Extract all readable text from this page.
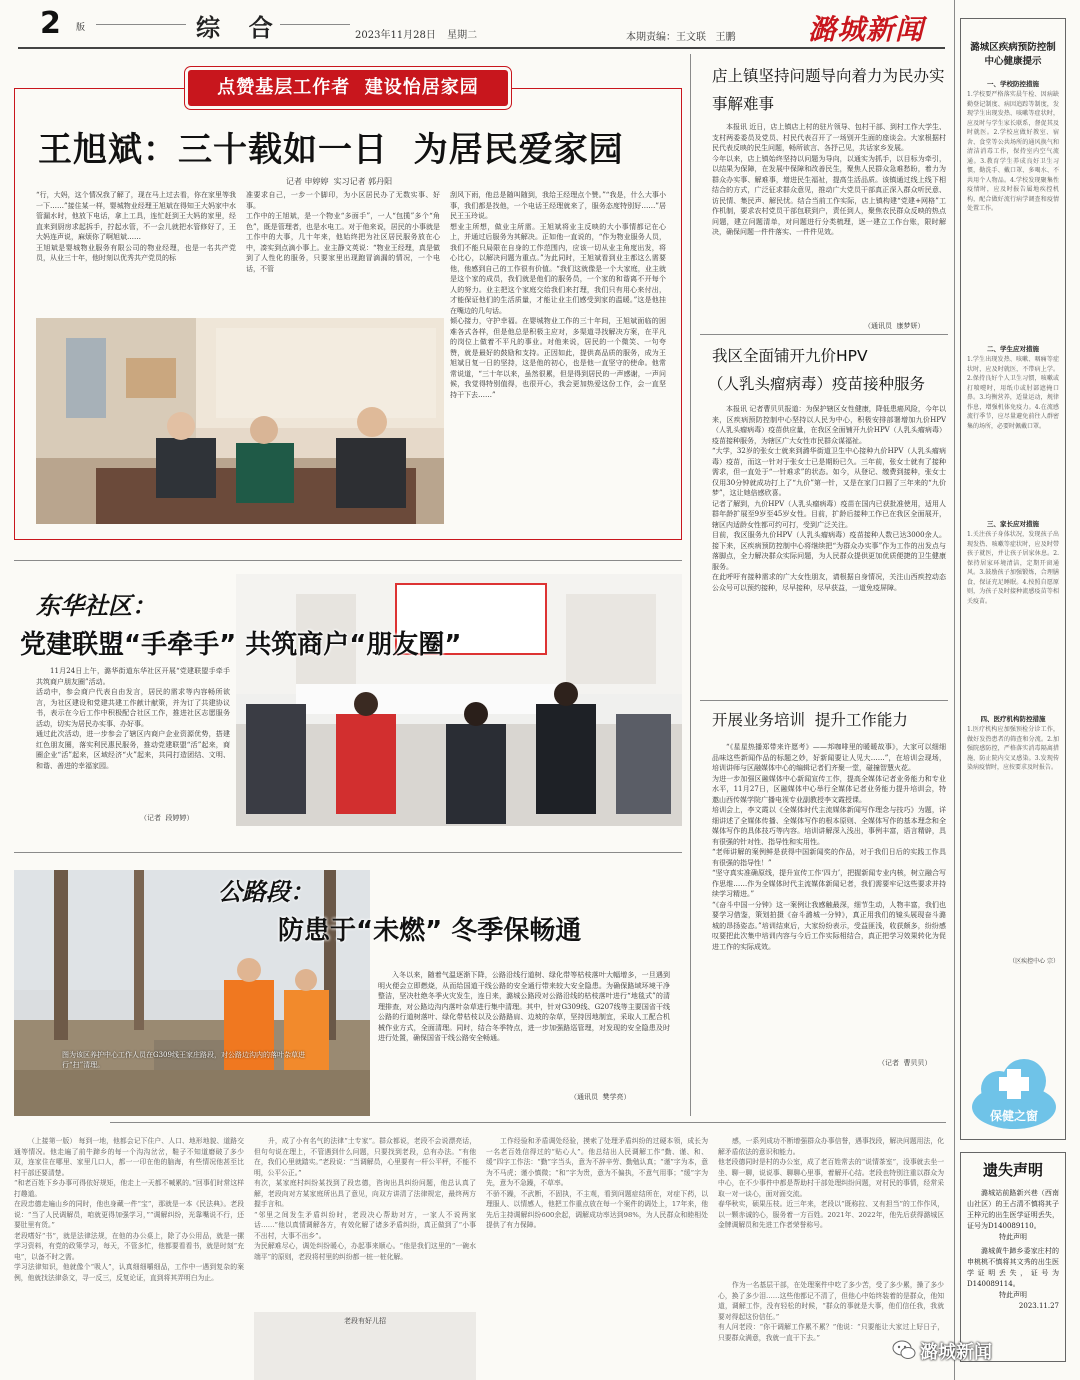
2 版	综  合	2023年11月28日 星期二	本期责编：王文联   王鹏	潞城新闻
点赞基层工作者  建设怡居家园
王旭斌：三十载如一日  为居民爱家园
记者 申婷婷  实习记者 郭丹阳
“行，大妈，这个情况我了解了，现在马上过去看，你在家里等我一下……”接住某一样，婴城物业经理王旭斌在得知王大妈家中水管漏水时，他放下电话，拿上工具，连忙赶到王大妈的家里，经直来到厨房求起拆手，拧起水管，不一会儿就把水管修好了，王大妈连声说，麻烦你了啊旭斌……
王旭斌是婴城物业服务有限公司的物业经理，也是一名共产党员，从业三十年，他时刻以优秀共产党员的标
准要求自己，一步一个脚印，为小区居民办了无数实事、好事。
工作中的王旭斌，是一个物业“多面手”，一人“包揽”多个“角色”，既是管理者，也是水电工。对于他来说，居民的小事就是工作中的大事，几十年来，他始终把为社区居民服务放在心中，凑实到点滴小事上。业主静文英说：“物业王经理，真是做到了人性化的服务，只要家里出现跑冒滴漏的情况，一个电话，不管
刮风下雨，他总是随叫随到，我给王经理点个赞。”“我是，什么大事小事，我们都是找他，一个电话王经理就来了，服务态度特别好……”居民王玉玲说。
想业主所想，做业主所需。王旭斌将业主反映的大小事情都记在心上，并通过后服务为其解决。正如他一直说的，“作为物业服务人员，我们不能只局限在自身的工作范围内，应该一切从业主角度出发，将心比心，以解决问题为重点。”为此同时，王旭斌看到业主都这么需要他，他感到自己的工作很有价值。“我们这就像是一个大家庭，业主就是这个家的成员，我们就是他们的服务员，一个家的和谐离不开每个人的努力。业主把这个家庭交给我们来打理，我们只有用心来付出，才能保证他们的生活质量，才能让业主们感受到家的温暖。”这是他挂在嘴边的几句话。
倾心接力，守护幸福。在婴城物业工作的三十年间，王旭斌面临的困难各式各样，但是他总是积极主应对，多渠道寻找解决方案，在平凡的岗位上做着不平凡的事业。对他来说，居民的一个微笑、一句夸赞，就是最好的鼓励和支持。正因如此，提供高品质的服务，成为王旭斌日复一日的坚持，这是他的初心，也是他一直坚守的使命。他常常说道，“三十年以来，虽然很累，但是得到居民的一声感谢，一声问候，我觉得特别值得，也很开心，我会更加热爱这份工作，会一直坚持干下去……”
东华社区：
党建联盟“手牵手” 共筑商户“朋友圈”
11月24日上午，潞华街道东华社区开展“党建联盟手牵手 共筑商户朋友圈”活动。
活动中，参会商户代表自由发言，居民的需求等内容畅所欲言，为社区建设和党建共建工作献计献策，并为订了共建协议书，表示在今后工作中积极配合社区工作，推进社区志愿服务活动，切实为居民办实事、办好事。
通过此次活动，进一步参会了辖区内商户企业资源优势，搭建红色朋友圈，落实利民惠民服务，推动党建联盟“活”起来，商圈企业“活”起来，区域经济“火”起来，共同打造团结、文明、和谐、善进的幸福家园。
（记者  段婷婷）
图为该区养护中心工作人员在G309线王家庄路段，对公路边沟内的落叶杂草进行“扫”清理。
公路段：
防患于“未燃” 冬季保畅通
入冬以来，随着气温逐渐下降，公路沿线行道树、绿化带等枯枝落叶大幅增多，一旦遇到明火便会立即燃烧，从而给国道干线公路的安全通行带来较大安全隐患。为确保路域环境干净整洁，坚决杜绝冬季火灾发生，连日来，潞城公路段对公路沿线的枯枝落叶进行“地毯式”的清理排查，对公路边沟内落叶杂草进行集中清理。其中，针对G309线、G207线等主要国省干线公路的行道树落叶、绿化带枯枝以及公路路肩、边坡的杂草，坚持因地制宜，采取人工配合机械作业方式，全面清理。同时，结合冬季特点，进一步加强路巡管理，对发现的安全隐患及时进行处置，确保国省干线公路安全畅通。
（通讯员  樊学亮）
店上镇坚持问题导向着力为民办实事解难事
本报讯 近日，店上镇店上村的驻片领导、包村干部、到村工作大学生、支村两委委员及党员、村民代表召开了一场别开生面的座谈会。大家根据村民代表反映的民生问题，畅所欲言、各抒己见，共话家乡发展。
今年以来，店上镇始终坚持以问题为导向，以通实为抓手，以目标为牵引，以结果为保障，在发展中保障和改善民生，聚焦人民群众急难愁盼，着力为群众办实事、解难事，增进民生福祉，提高生活品质。该镇通过线上线下相结合的方式，广泛征求群众意见，推动广大党员干部真正深入群众听民意、访民情、集民声、解民忧。结合当前工作实际，店上镇构建“党建+网格”工作机制，要求农村党员干部包联到户，责任到人，聚焦农民群众反映的热点问题，建立问题清单，对问题进行分类梳理，逐一建立工作台账，限时解决，确保问题一件件落实、一件件见效。
（通讯员  康梦妍）
我区全面铺开九价HPV
（人乳头瘤病毒）疫苗接种服务
本报讯 记者曹贝贝报道：为保护辖区女性健康，降低患癌风险，今年以来，区疾病预防控制中心坚持以人民为中心，积极安排部署增加九价HPV（人乳头瘤病毒）疫苗供应量，在我区全面铺开九价HPV（人乳头瘤病毒）疫苗接种服务，为辖区广大女性市民群众谋福祉。
“大学，32岁的张女士就来到潞华街道卫生中心接种九价HPV（人乳头瘤病毒）疫苗，而这一针对于张女士已是期盼已久。三年前，张女士就有了接种需求，但一直处于“一针难求”的状态。如今，从登记、缴费到接种，张女士仅用30分钟就成功打上了“九价”第一针，又是在家门口圆了三年来的“九价梦”，这让她倍感欣喜。
记者了解到，九价HPV（人乳头瘤病毒）疫苗在国内已获批准使用，适用人群年龄扩展至9岁至45岁女性。目前，扩龄后接种工作已在我区全面展开，辖区内适龄女性都可约可打，受到广泛关注。
目前，我区服务九价HPV（人乳头瘤病毒）疫苗接种人数已达3000余人。接下来，区疾病预防控制中心将继续把“为群众办实事”作为工作的出发点与落脚点，全力解决群众实际问题，为人民群众提供更加优质便捷的卫生健康服务。
在此呼吁有接种需求的广大女性朋友，请根据自身情况，关注山西疾控动态公众号可以预约接种，尽早接种，尽早获益，一道免疫屏障。
开展业务培训  提升工作能力
“《星星热播郑带来许愿考》——邦咖啡里的暖暖故事》，大家可以细细品味这些新闻作品的标题之妙，好新闻要让人见大……”，在培训会现场，培训讲师与区融媒体中心的编辑记者们齐聚一堂，碰撞智慧火花。
为进一步加强区融媒体中心新闻宣传工作，提高全媒体记者业务能力和专业水平，11月27日，区融媒体中心举行全媒体记者业务能力提升培训会，特邀山西传媒学院广播电视专业副教授李文霞授课。
培训会上，李文霞以《全媒体时代主流媒体新闻写作理念与技巧》为题，详细讲述了全媒体传播、全媒体写作的根本原则、全媒体写作的基本理念和全媒体写作的具体技巧等内容。培训讲解深入浅出，事例丰富，语言精辟，具有很强的针对性、指导性和实用性。
“老师讲解的案例鲜是获得中国新闻奖的作品，对于我们日后的实践工作具有很强的指导性！”
“坚守真实准确原线，提升宣传工作‘四力’，把握新闻专业内核，树立融合写作思维……作为全媒体时代主流媒体新闻记者，我们需要牢记这些要求并持续学习精进。”
“《奋斗中国一分钟》这一案例让我感触最深，细节生动，人物丰富，我们也要学习借鉴，策划拍摄《奋斗潞城一分钟》，真正用我们的镜头展现奋斗潞城的昂扬姿态。”培训结束后，大家纷纷表示，受益匪浅，收获颇多，纷纷感叹要把此次集中培训内容与今后工作实际相结合，真正把学习效果转化为促进工作的实际成效。
（记者  曹贝贝）
潞城区疾病预防控制中心健康提示
一、学校防控措施
1.学校要严格落实晨午检、因病缺勤登记制度、病因追踪等制度，发现学生出现发热、咳嗽等症状时，应及时与学生家长联系，督促其及时就医。2.学校应做好教室、宿舍、食堂等公共场所的通风换气和清洁消毒工作，保持室内空气流通。3.教育学生养成良好卫生习惯，勤洗手、戴口罩、多喝水、不共用个人物品。4.学校发现聚集性疫情时，应及时报告属地疾控机构，配合做好流行病学调查和疫情处置工作。
二、学生应对措施
1.学生出现发热、咳嗽、咽痛等症状时，应及时就医，不带病上学。2.保持良好个人卫生习惯，咳嗽或打喷嚏时，用纸巾或肘部遮掩口鼻。3.均衡营养，适量运动，规律作息，增强机体免疫力。4.在流感流行季节，应尽量避免前往人群密集的场所，必要时佩戴口罩。
三、家长应对措施
1.关注孩子身体状况，发现孩子出现发热、咳嗽等症状时，应及时带孩子就医，并让孩子居家休息。2.保持居家环境清洁，定期开窗通风。3.鼓励孩子加强锻炼，合理膳食，保证充足睡眠。4.按照自愿原则，为孩子及时接种流感疫苗等相关疫苗。
四、医疗机构防控措施
1.医疗机构应加强预检分诊工作，做好发热患者的筛查和分流。2.加强院感防控，严格落实消毒隔离措施，防止院内交叉感染。3.发现传染病疫情时，应按要求及时报告。
（区疾控中心 宗）
保健之窗
遗失声明
潞城站前路新兴巷（西南山社区）的王占清不慎将其子王梓元的出生医学证明丢失，证号为D140089110。
特此声明
潞城黄牛蹄乡委家庄村的申桃桃不慎将其文秀的出生医学证明丢失，证号为D140089114。
特此声明
2023.11.27
（上接第一版） 每到一地，他都会记下住户、人口、地形地貌、道路交通等情况。他走遍了前牛蹄乡的每一个沟沟岔岔，鞋子不知道磨破了多少双，连家住在哪里、家里几口人，都一一印在他的脑海，有些情况他甚至比村干部还要清楚。
“和老百姓下乡办事可得依好规矩，他走上一天都不喊累的。”回事们时常这样打趣道。
在段忠德走遍山乡的同时，他也身藏一件“宝”，那就是一本《民法典》。老段说：“当了人民调解员，咱就更得加强学习，”“调解纠纷，光靠嘴说不行，还要肚里有货。”
老段嗜好“书”，就是法律法规，在他的办公桌上，除了办公用品，就是一摞学习资料，有党的政策学习，每天，不管多忙，他都要看看书，就是时刻“充电”，以备不时之需。
学习法律知识，他就像个“吸人”，认真细细嚼细品，工作中一遇到复杂的案例，他就找法律条文，寻一反三，反复论证，直到将其弄明白为止。
升，成了小有名气的法律“土专家”。群众都说，老段不会说漂亮话，但句句说在理上，不管遇到什么问题，只要找到老段，总有办法。“有他在，我们心里就踏实。”老段说：“当调解员，心里要有一杆公平秤，不能不明，公平公正。”
有次，某家庭村纠纷某找到了段忠德，咨询出具纠纷问题，他总认真了解，老段向对方某家庭所出具了意见，向双方讲清了法律规定，最终两方握手言和。
“邻里之间发生矛盾纠纷时，老段决心帮助对方，一家人不说两家话……”他以真情调解各方，有效化解了诸多矛盾纠纷，真正做到了“小事不出村，大事不出乡”。
为民解难尽心，调处纠纷暖心，办起事来顺心。“他是我们这里的“一碗水端平”的原则，老段将村里的纠纷都一桩一桩化解。
老段有好儿招
工作经验和矛盾调处经验，摸索了处理矛盾纠纷的过硬本领，成长为一名老百姓信得过的“贴心人”。他总结出人民调解工作“勤、谨、和、缓”四字工作法：“勤”字当头，意为不辞辛劳、勤勉认真；“谨”字为本，意为不马虎；谨小慎微；“和”字为贵，意为不偏执，不意气用事；“缓”字为先，意为不急躁，不草率。
不骄不躁，不武断，不固执，不主观，看到问题症结所在，对症下药，以理服人、以情感人，他把工作重点放在每一个案件的调处上，17年来，他先后主持调解纠纷600余起，调解成功率达到98%，为人民群众和睦相处提供了有力保障。
感，一系列成功不断增强群众办事信誉，遇事找段，解决问题用法，化解矛盾依法的意识和能力。
他老段德同时是村的办公室，成了老百姓常去的“说情茶室”，没事就去坐一坐、聊一聊，说说事、聊聊心里事，着解开心结。老段也特别注重以群众为中心，在不少事件中都是帮助村干部处理纠纷问题，对村民的事情，经常采取一对一谈心，面对面交流。
春华秋实，硕果压枝。近三年来，老段以“既称拉、又有担当”的工作作风，以一颗赤诚的心，服务着一方百姓。2021年、2022年，他先后获得潞城区金牌调解员和先进工作者荣誉称号。
作为一名基层干部，在处理案件中吃了多少苦，受了多少累，操了多少心，换了多少泪……这些他都记不清了，但他心中始终装着的是群众，他知道，调解工作，没有轻松的时候，“群众的事就是大事，他们信任我，我就要对得起这份信任。”
有人问老段：“你干调解工作累不累？”他说：“只要能让大家过上好日子，只要群众满意，我就一直干下去。”
潞城新闻
